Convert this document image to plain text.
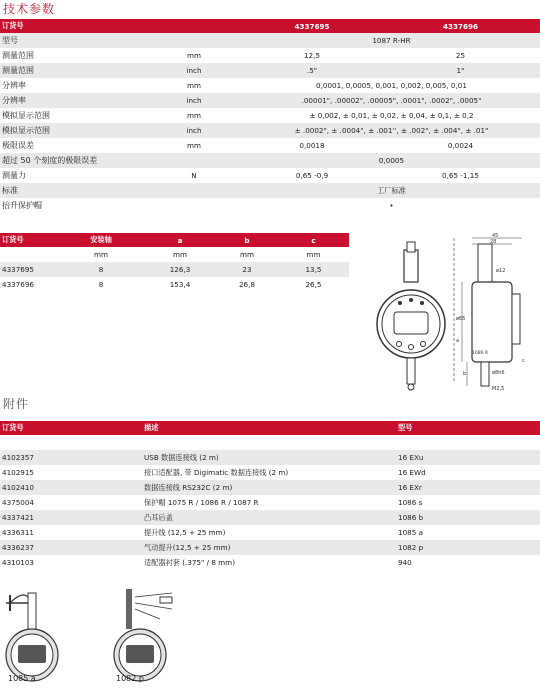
技术参数
订货号		4337695	4337696
型号		1087 R-HR	
测量范围	mm	12,5	25
测量范围	inch	.5"	1"
分辨率	mm	0,0001, 0,0005, 0,001, 0,002, 0,005, 0,01	
分辨率	inch	.00001", .00002", .00005", .0001", .0002", .0005"	
模拟显示范围	mm	± 0,002, ± 0,01, ± 0,02, ± 0,04, ± 0,1, ± 0,2	
模拟显示范围	inch	± .0002", ± .0004", ± .001'', ± .002", ± .004", ± .01"	
极限误差	mm	0,0018	0,0024
超过 50 个刻度的极限误差		0,0005	
测量力	N	0,65 -0,9	0,65 -1,15
标准		工厂标准	
抬升保护帽		•	
订货号	安装轴	a	b	c
	mm	mm	mm	mm
4337695	8	126,3	23	13,5
4337696	8	153,4	26,8	26,5
45
28
ø12
ø65
a
b
c
ø8h6
M2,5
1086 R
附件
订货号	描述	型号

4102357	USB 数据连接线 (2 m)	16 EXu
4102915	接口适配器, 带 Digimatic 数据连接线 (2 m)	16 EWd
4102410	数据连接线 RS232C (2 m)	16 EXr
4375004	保护帽 1075 R / 1086 R / 1087 R	1086 s
4337421	凸耳后盖	1086 b
4336311	提升线 (12,5 + 25 mm)	1085 a
4336237	气动提升(12,5 + 25 mm)	1082 p
4310103	适配器衬套 (.375" / 8 mm)	940
1085 a	1082 p
